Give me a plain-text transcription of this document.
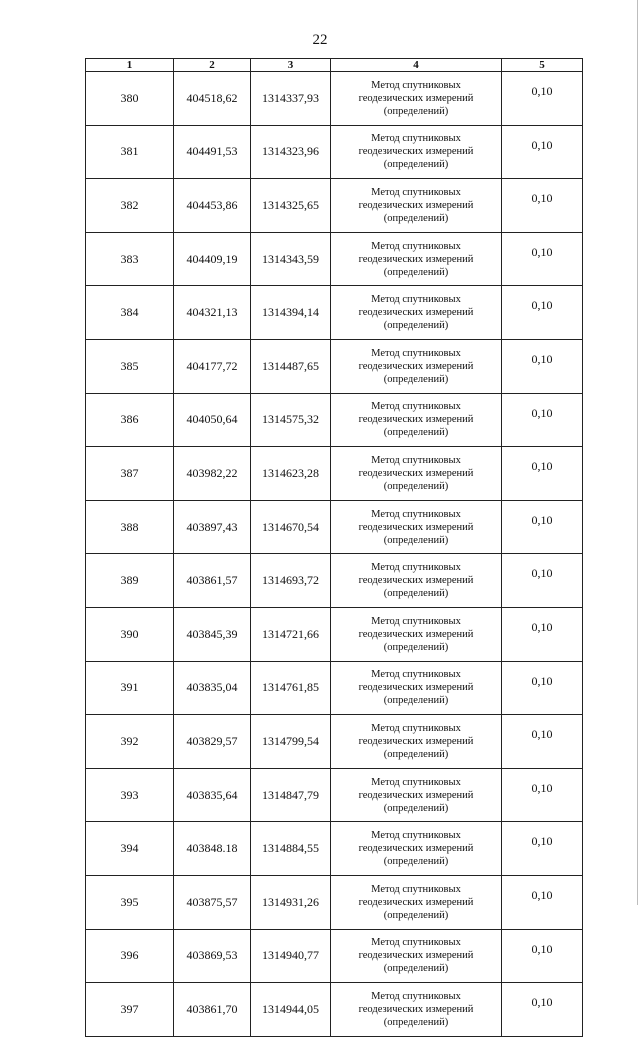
22
1	2	3	4	5
380	404518,62	1314337,93	Метод спутниковых
геодезических измерений
(определений)	0,10
381	404491,53	1314323,96	Метод спутниковых
геодезических измерений
(определений)	0,10
382	404453,86	1314325,65	Метод спутниковых
геодезических измерений
(определений)	0,10
383	404409,19	1314343,59	Метод спутниковых
геодезических измерений
(определений)	0,10
384	404321,13	1314394,14	Метод спутниковых
геодезических измерений
(определений)	0,10
385	404177,72	1314487,65	Метод спутниковых
геодезических измерений
(определений)	0,10
386	404050,64	1314575,32	Метод спутниковых
геодезических измерений
(определений)	0,10
387	403982,22	1314623,28	Метод спутниковых
геодезических измерений
(определений)	0,10
388	403897,43	1314670,54	Метод спутниковых
геодезических измерений
(определений)	0,10
389	403861,57	1314693,72	Метод спутниковых
геодезических измерений
(определений)	0,10
390	403845,39	1314721,66	Метод спутниковых
геодезических измерений
(определений)	0,10
391	403835,04	1314761,85	Метод спутниковых
геодезических измерений
(определений)	0,10
392	403829,57	1314799,54	Метод спутниковых
геодезических измерений
(определений)	0,10
393	403835,64	1314847,79	Метод спутниковых
геодезических измерений
(определений)	0,10
394	403848.18	1314884,55	Метод спутниковых
геодезических измерений
(определений)	0,10
395	403875,57	1314931,26	Метод спутниковых
геодезических измерений
(определений)	0,10
396	403869,53	1314940,77	Метод спутниковых
геодезических измерений
(определений)	0,10
397	403861,70	1314944,05	Метод спутниковых
геодезических измерений
(определений)	0,10
